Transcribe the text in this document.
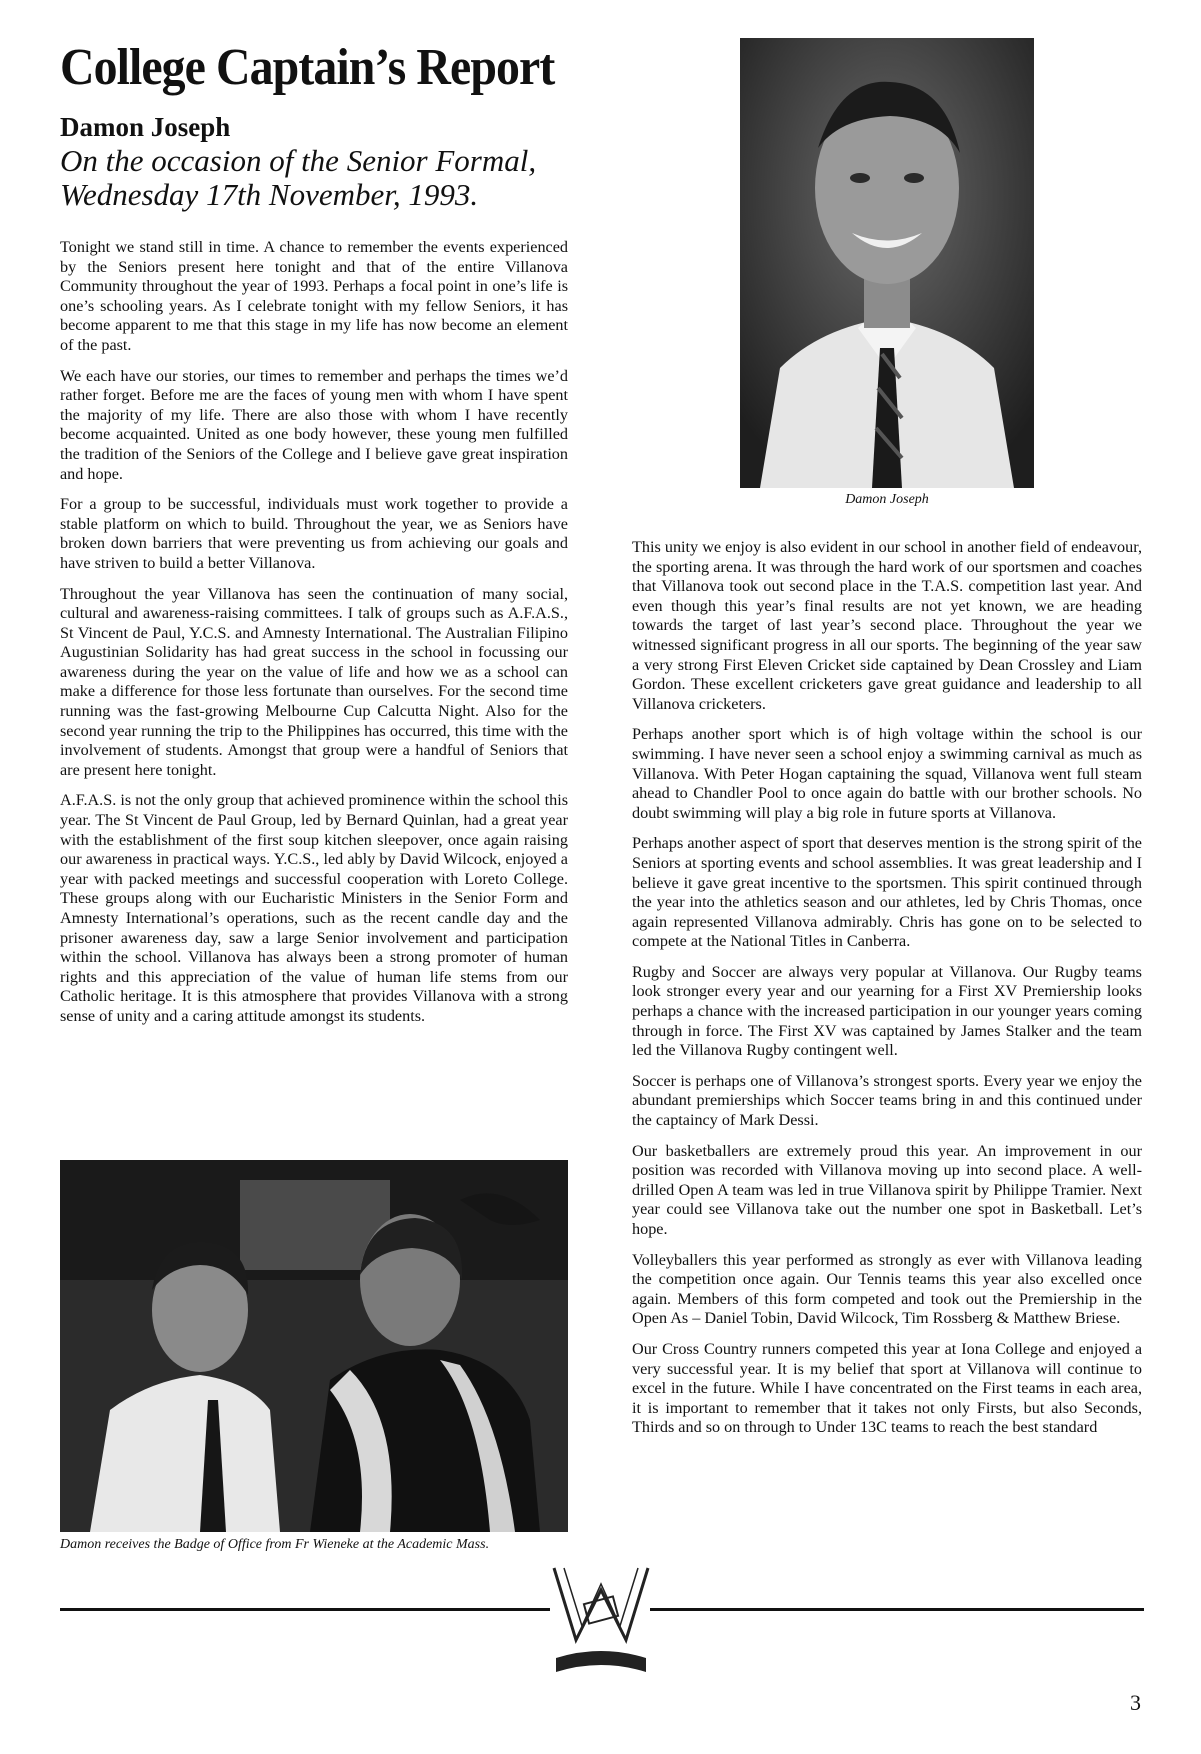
College Captain’s Report
Damon Joseph
On the occasion of the Senior Formal,
Wednesday 17th November, 1993.

Tonight we stand still in time. A chance to remember the events experienced by the Seniors present here tonight and that of the entire Villanova Community throughout the year of 1993. Perhaps a focal point in one’s life is one’s schooling years. As I celebrate tonight with my fellow Seniors, it has become apparent to me that this stage in my life has now become an element of the past.

We each have our stories, our times to remember and perhaps the times we’d rather forget. Before me are the faces of young men with whom I have spent the majority of my life. There are also those with whom I have recently become acquainted. United as one body however, these young men fulfilled the tradition of the Seniors of the College and I believe gave great inspiration and hope.

For a group to be successful, individuals must work together to provide a stable platform on which to build. Throughout the year, we as Seniors have broken down barriers that were preventing us from achieving our goals and have striven to build a better Villanova.

Throughout the year Villanova has seen the continuation of many social, cultural and awareness-raising committees. I talk of groups such as A.F.A.S., St Vincent de Paul, Y.C.S. and Amnesty International. The Australian Filipino Augustinian Solidarity has had great success in the school in focussing our awareness during the year on the value of life and how we as a school can make a difference for those less fortunate than ourselves. For the second time running was the fast-growing Melbourne Cup Calcutta Night. Also for the second year running the trip to the Philippines has occurred, this time with the involvement of students. Amongst that group were a handful of Seniors that are present here tonight.

A.F.A.S. is not the only group that achieved prominence within the school this year. The St Vincent de Paul Group, led by Bernard Quinlan, had a great year with the establishment of the first soup kitchen sleepover, once again raising our awareness in practical ways. Y.C.S., led ably by David Wilcock, enjoyed a year with packed meetings and successful cooperation with Loreto College. These groups along with our Eucharistic Ministers in the Senior Form and Amnesty International’s operations, such as the recent candle day and the prisoner awareness day, saw a large Senior involvement and participation within the school. Villanova has always been a strong promoter of human rights and this appreciation of the value of human life stems from our Catholic heritage. It is this atmosphere that provides Villanova with a strong sense of unity and a caring attitude amongst its students.

Damon Joseph

This unity we enjoy is also evident in our school in another field of endeavour, the sporting arena. It was through the hard work of our sportsmen and coaches that Villanova took out second place in the T.A.S. competition last year. And even though this year’s final results are not yet known, we are heading towards the target of last year’s second place. Throughout the year we witnessed significant progress in all our sports. The beginning of the year saw a very strong First Eleven Cricket side captained by Dean Crossley and Liam Gordon. These excellent cricketers gave great guidance and leadership to all Villanova cricketers.

Perhaps another sport which is of high voltage within the school is our swimming. I have never seen a school enjoy a swimming carnival as much as Villanova. With Peter Hogan captaining the squad, Villanova went full steam ahead to Chandler Pool to once again do battle with our brother schools. No doubt swimming will play a big role in future sports at Villanova.

Perhaps another aspect of sport that deserves mention is the strong spirit of the Seniors at sporting events and school assemblies. It was great leadership and I believe it gave great incentive to the sportsmen. This spirit continued through the year into the athletics season and our athletes, led by Chris Thomas, once again represented Villanova admirably. Chris has gone on to be selected to compete at the National Titles in Canberra.

Rugby and Soccer are always very popular at Villanova. Our Rugby teams look stronger every year and our yearning for a First XV Premiership looks perhaps a chance with the increased participation in our younger years coming through in force. The First XV was captained by James Stalker and the team led the Villanova Rugby contingent well.

Soccer is perhaps one of Villanova’s strongest sports. Every year we enjoy the abundant premierships which Soccer teams bring in and this continued under the captaincy of Mark Dessi.

Our basketballers are extremely proud this year. An improvement in our position was recorded with Villanova moving up into second place. A well-drilled Open A team was led in true Villanova spirit by Philippe Tramier. Next year could see Villanova take out the number one spot in Basketball. Let’s hope.

Volleyballers this year performed as strongly as ever with Villanova leading the competition once again. Our Tennis teams this year also excelled once again. Members of this form competed and took out the Premiership in the Open As – Daniel Tobin, David Wilcock, Tim Rossberg & Matthew Briese.

Our Cross Country runners competed this year at Iona College and enjoyed a very successful year. It is my belief that sport at Villanova will continue to excel in the future. While I have concentrated on the First teams in each area, it is important to remember that it takes not only Firsts, but also Seconds, Thirds and so on through to Under 13C teams to reach the best standard

Damon receives the Badge of Office from Fr Wieneke at the Academic Mass.

3
